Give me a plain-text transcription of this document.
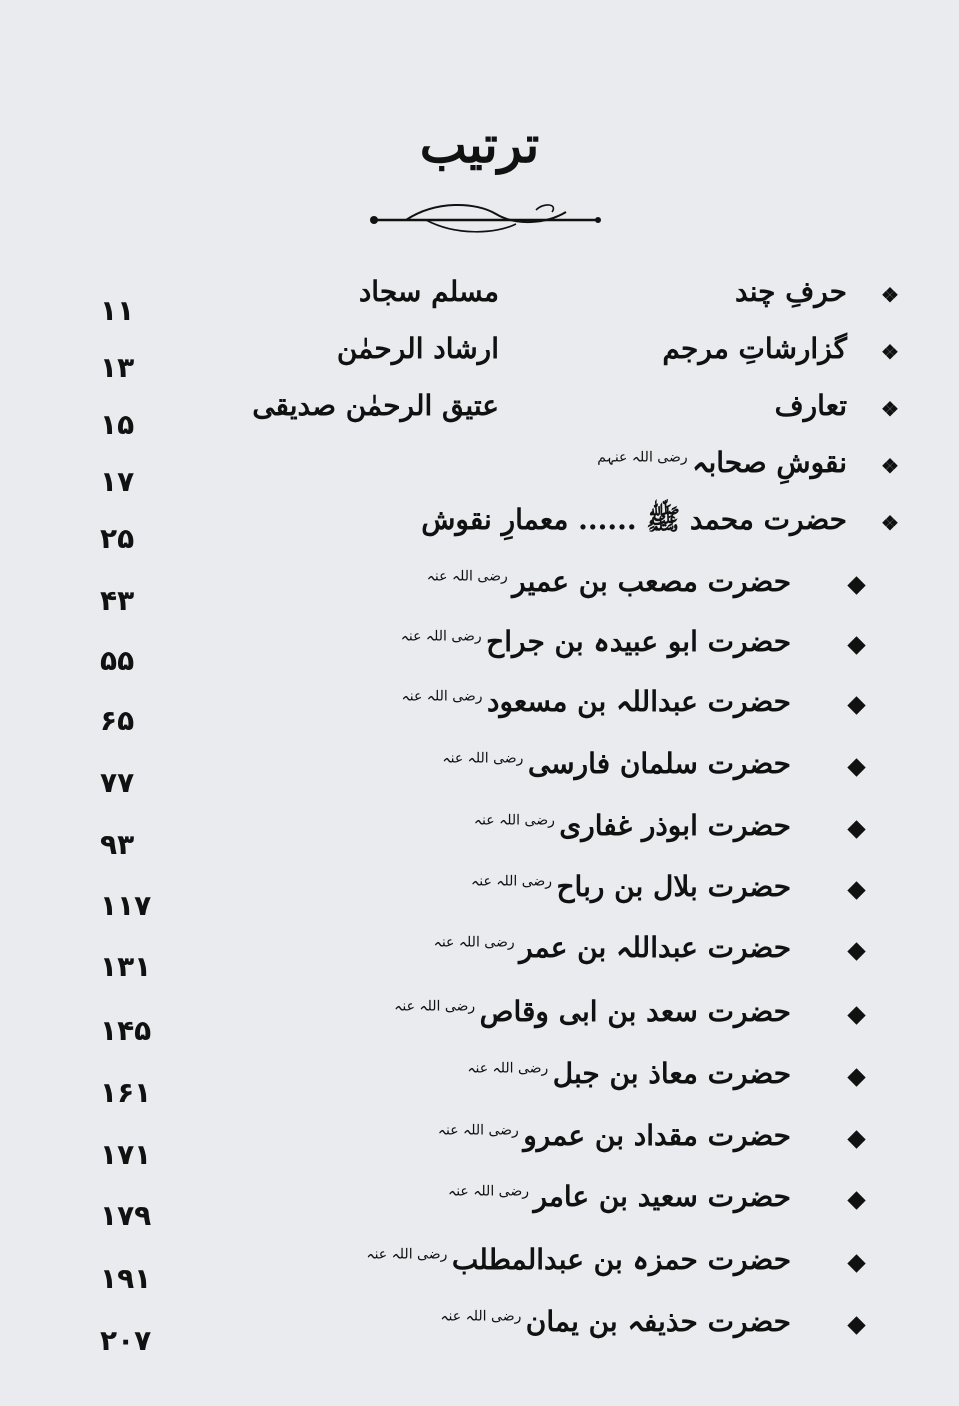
ترتیب
❖
حرفِ چند
مسلم سجاد
۱۱
❖
گزارشاتِ مرجم
ارشاد الرحمٰن
۱۳
❖
تعارف
عتیق الرحمٰن صدیقی
۱۵
❖
نقوشِ صحابہ $^{رضی اللہ عنہم}$
۱۷
❖
حضرت محمد ﷺ ...... معمارِ نقوش
۲۵
حضرت مصعب بن عمیر $^{رضی اللہ عنہ}$
۴۳
حضرت ابو عبیدہ بن جراح $^{رضی اللہ عنہ}$
۵۵
حضرت عبداللہ بن مسعود $^{رضی اللہ عنہ}$
۶۵
حضرت سلمان فارسی $^{رضی اللہ عنہ}$
۷۷
حضرت ابوذر غفاری $^{رضی اللہ عنہ}$
۹۳
حضرت بلال بن رباح $^{رضی اللہ عنہ}$
۱۱۷
حضرت عبداللہ بن عمر $^{رضی اللہ عنہ}$
۱۳۱
حضرت سعد بن ابی وقاص $^{رضی اللہ عنہ}$
۱۴۵
حضرت معاذ بن جبل $^{رضی اللہ عنہ}$
۱۶۱
حضرت مقداد بن عمرو $^{رضی اللہ عنہ}$
۱۷۱
حضرت سعید بن عامر $^{رضی اللہ عنہ}$
۱۷۹
حضرت حمزہ بن عبدالمطلب $^{رضی اللہ عنہ}$
۱۹۱
حضرت حذیفہ بن یمان $^{رضی اللہ عنہ}$
۲۰۷
